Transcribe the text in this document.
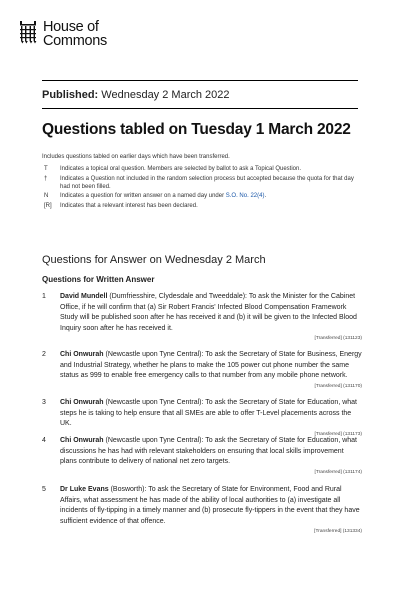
House of
Commons
Published: Wednesday 2 March 2022
Questions tabled on Tuesday 1 March 2022
Includes questions tabled on earlier days which have been transferred.
T	Indicates a topical oral question. Members are selected by ballot to ask a Topical Question.
†	Indicates a Question not included in the random selection process but accepted because the quota for that day had not been filled.
N	Indicates a question for written answer on a named day under S.O. No. 22(4).
[R]	Indicates that a relevant interest has been declared.
Questions for Answer on Wednesday 2 March
Questions for Written Answer
1	David Mundell (Dumfriesshire, Clydesdale and Tweeddale): To ask the Minister for the Cabinet Office, if he will confirm that (a) Sir Robert Francis' Infected Blood Compensation Framework Study will be published soon after he has received it and (b) it will be given to the Infected Blood Inquiry soon after he has received it.
[Transferred] (131123)
2	Chi Onwurah (Newcastle upon Tyne Central): To ask the Secretary of State for Business, Energy and Industrial Strategy, whether he plans to make the 105 power cut phone number the same status as 999 to enable free emergency calls to that number from any mobile phone network.
[Transferred] (131170)
3	Chi Onwurah (Newcastle upon Tyne Central): To ask the Secretary of State for Education, what steps he is taking to help ensure that all SMEs are able to offer T-Level placements across the UK.
[Transferred] (131173)
4	Chi Onwurah (Newcastle upon Tyne Central): To ask the Secretary of State for Education, what discussions he has had with relevant stakeholders on ensuring that local skills improvement plans contribute to delivery of national net zero targets.
[Transferred] (131174)
5	Dr Luke Evans (Bosworth): To ask the Secretary of State for Environment, Food and Rural Affairs, what assessment he has made of the ability of local authorities to (a) investigate all incidents of fly-tipping in a timely manner and (b) prosecute fly-tippers in the event that they have sufficient evidence of that offence.
[Transferred] (131334)
